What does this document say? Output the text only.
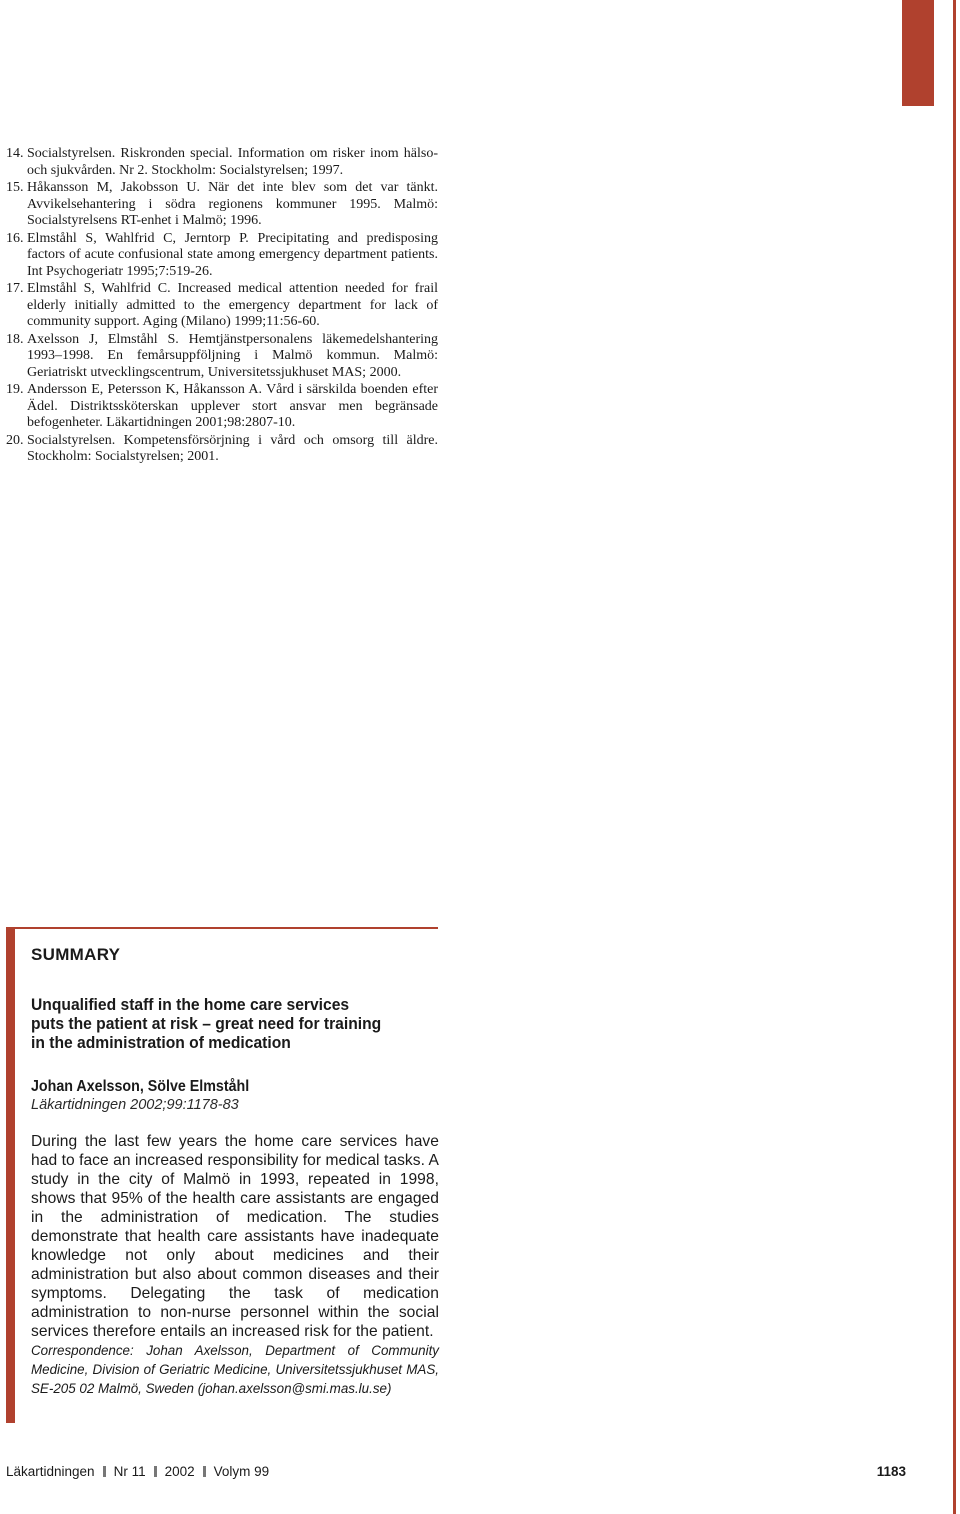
14. Socialstyrelsen. Riskronden special. Information om risker inom hälso- och sjukvården. Nr 2. Stockholm: Socialstyrelsen; 1997.
15. Håkansson M, Jakobsson U. När det inte blev som det var tänkt. Avvikelsehantering i södra regionens kommuner 1995. Malmö: Socialstyrelsens RT-enhet i Malmö; 1996.
16. Elmståhl S, Wahlfrid C, Jerntorp P. Precipitating and predisposing factors of acute confusional state among emergency department patients. Int Psychogeriatr 1995;7:519-26.
17. Elmståhl S, Wahlfrid C. Increased medical attention needed for frail elderly initially admitted to the emergency department for lack of community support. Aging (Milano) 1999;11:56-60.
18. Axelsson J, Elmståhl S. Hemtjänstpersonalens läkemedelshantering 1993–1998. En femårsuppföljning i Malmö kommun. Malmö: Geriatriskt utvecklingscentrum, Universitetssjukhuset MAS; 2000.
19. Andersson E, Petersson K, Håkansson A. Vård i särskilda boenden efter Ädel. Distriktssköterskan upplever stort ansvar men begränsade befogenheter. Läkartidningen 2001;98:2807-10.
20. Socialstyrelsen. Kompetensförsörjning i vård och omsorg till äldre. Stockholm: Socialstyrelsen; 2001.
SUMMARY
Unqualified staff in the home care services
puts the patient at risk – great need for training
in the administration of medication
Johan Axelsson, Sölve Elmståhl
Läkartidningen 2002;99:1178-83

During the last few years the home care services have had to face an increased responsibility for medical tasks. A study in the city of Malmö in 1993, repeated in 1998, shows that 95% of the health care assistants are engaged in the administration of medication. The studies demonstrate that health care assistants have inadequate knowledge not only about medicines and their administration but also about common diseases and their symptoms. Delegating the task of medication administration to non-nurse personnel within the social services therefore entails an increased risk for the patient.

Correspondence: Johan Axelsson, Department of Community Medicine, Division of Geriatric Medicine, Universitetssjukhuset MAS, SE-205 02 Malmö, Sweden (johan.axelsson@smi.mas.lu.se)

Läkartidningen Nr 11 2002 Volym 99	1183
